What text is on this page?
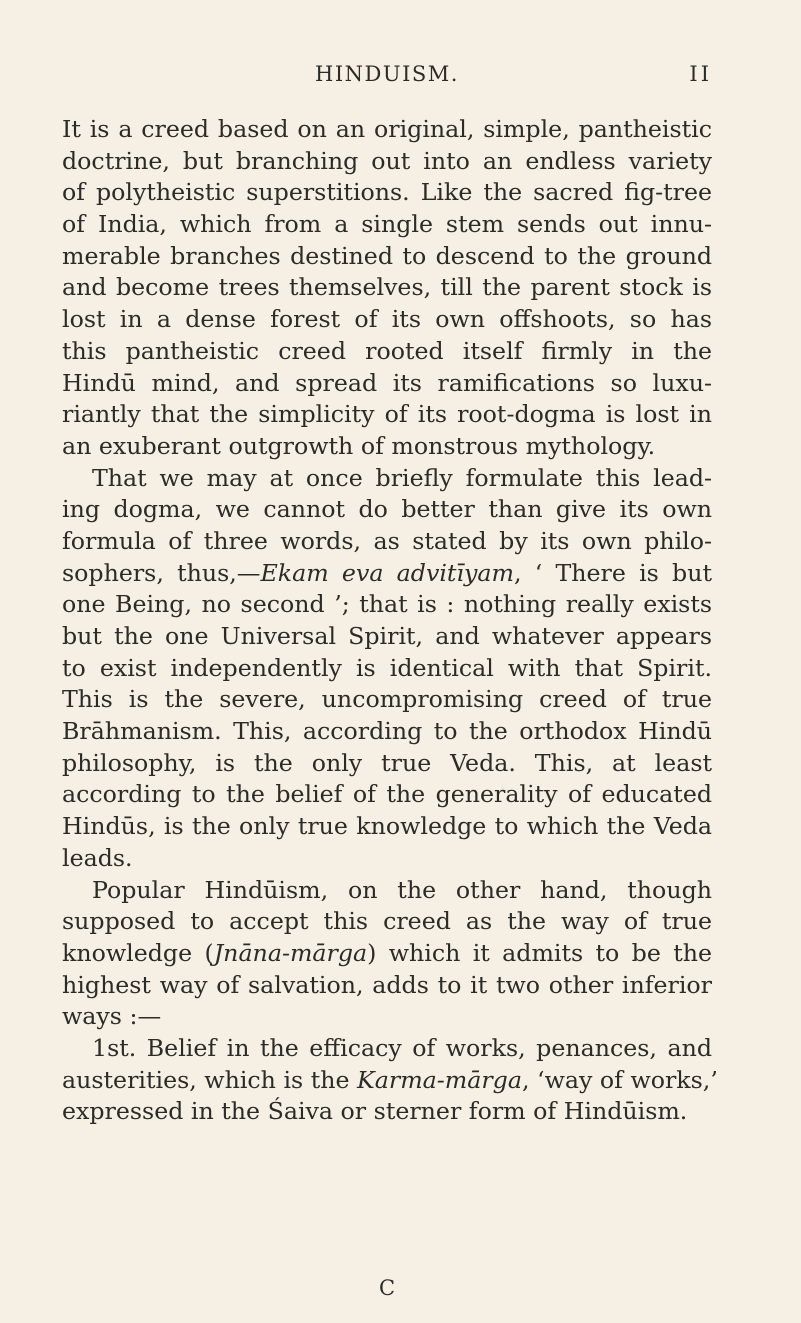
HINDUISM.	II
It is a creed based on an original, simple, pantheistic
doctrine, but branching out into an endless variety
of polytheistic superstitions. Like the sacred fig-tree
of India, which from a single stem sends out innu-
merable branches destined to descend to the ground
and become trees themselves, till the parent stock is
lost in a dense forest of its own offshoots, so has
this pantheistic creed rooted itself firmly in the
Hindū mind, and spread its ramifications so luxu-
riantly that the simplicity of its root-dogma is lost in
an exuberant outgrowth of monstrous mythology.
That we may at once briefly formulate this lead-
ing dogma, we cannot do better than give its own
formula of three words, as stated by its own philo-
sophers, thus,—Ekam eva advitīyam, ‘ There is but
one Being, no second ’; that is : nothing really exists
but the one Universal Spirit, and whatever appears
to exist independently is identical with that Spirit.
This is the severe, uncompromising creed of true
Brāhmanism. This, according to the orthodox Hindū
philosophy, is the only true Veda. This, at least
according to the belief of the generality of educated
Hindūs, is the only true knowledge to which the Veda
leads.
Popular Hindūism, on the other hand, though
supposed to accept this creed as the way of true
knowledge (Jnāna-mārga) which it admits to be the
highest way of salvation, adds to it two other inferior
ways :—
1st. Belief in the efficacy of works, penances, and
austerities, which is the Karma-mārga, ‘way of works,’
expressed in the Śaiva or sterner form of Hindūism.
C
